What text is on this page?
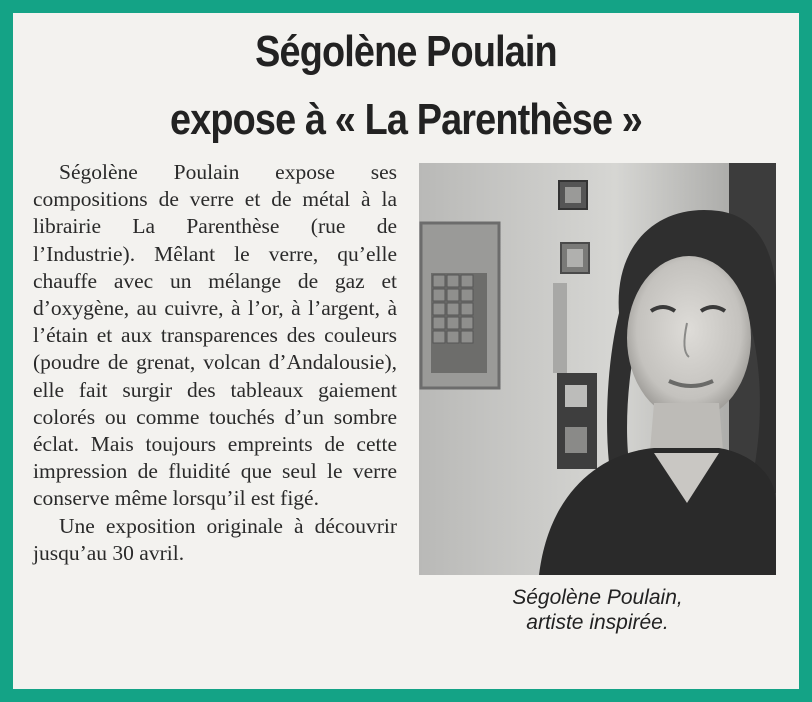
Ségolène Poulain
expose à « La Parenthèse »

Ségolène Poulain expose ses compositions de verre et de métal à la librairie La Parenthèse (rue de l’Industrie). Mêlant le verre, qu’elle chauffe avec un mélange de gaz et d’oxygène, au cuivre, à l’or, à l’argent, à l’étain et aux transparences des couleurs (poudre de grenat, volcan d’Andalousie), elle fait surgir des tableaux gaiement colorés ou comme touchés d’un sombre éclat. Mais toujours empreints de cette impression de fluidité que seul le verre conserve même lorsqu’il est figé.

Une exposition originale à découvrir jusqu’au 30 avril.

Ségolène Poulain,
artiste inspirée.
